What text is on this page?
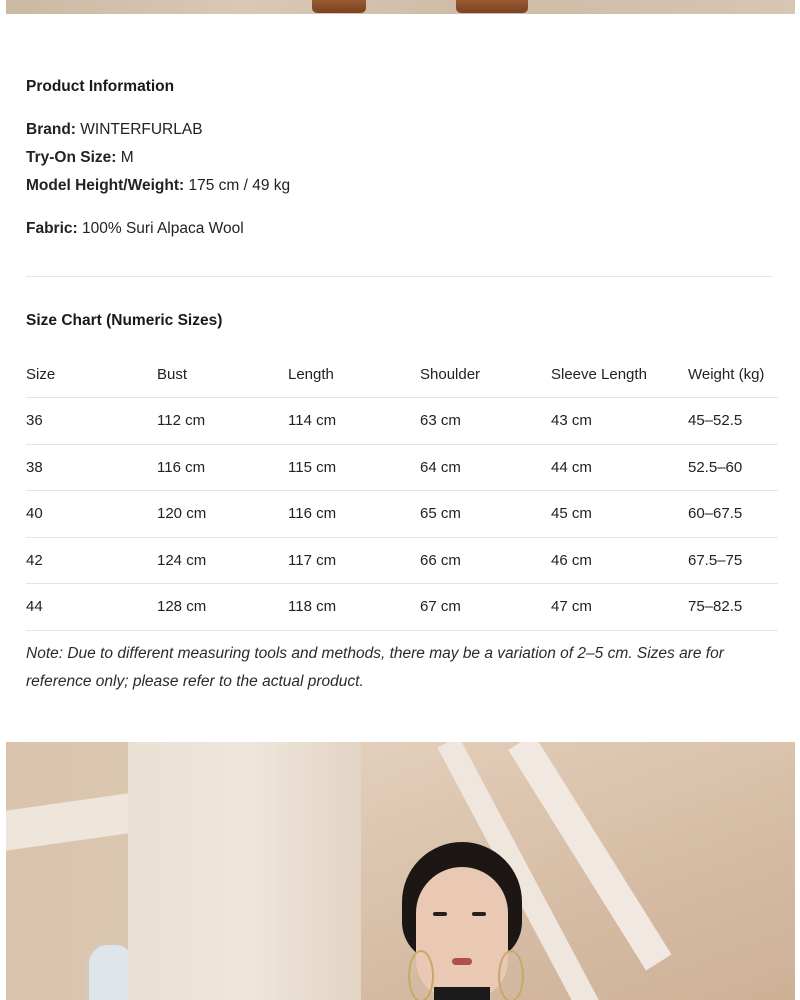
Product Information
Brand: WINTERFURLAB
Try-On Size: M
Model Height/Weight: 175 cm / 49 kg
Fabric: 100% Suri Alpaca Wool
Size Chart (Numeric Sizes)
Size	Bust	Length	Shoulder	Sleeve Length	Weight (kg)
36	112 cm	114 cm	63 cm	43 cm	45–52.5
38	116 cm	115 cm	64 cm	44 cm	52.5–60
40	120 cm	116 cm	65 cm	45 cm	60–67.5
42	124 cm	117 cm	66 cm	46 cm	67.5–75
44	128 cm	118 cm	67 cm	47 cm	75–82.5
Note: Due to different measuring tools and methods, there may be a variation of 2–5 cm. Sizes are for reference only; please refer to the actual product.
